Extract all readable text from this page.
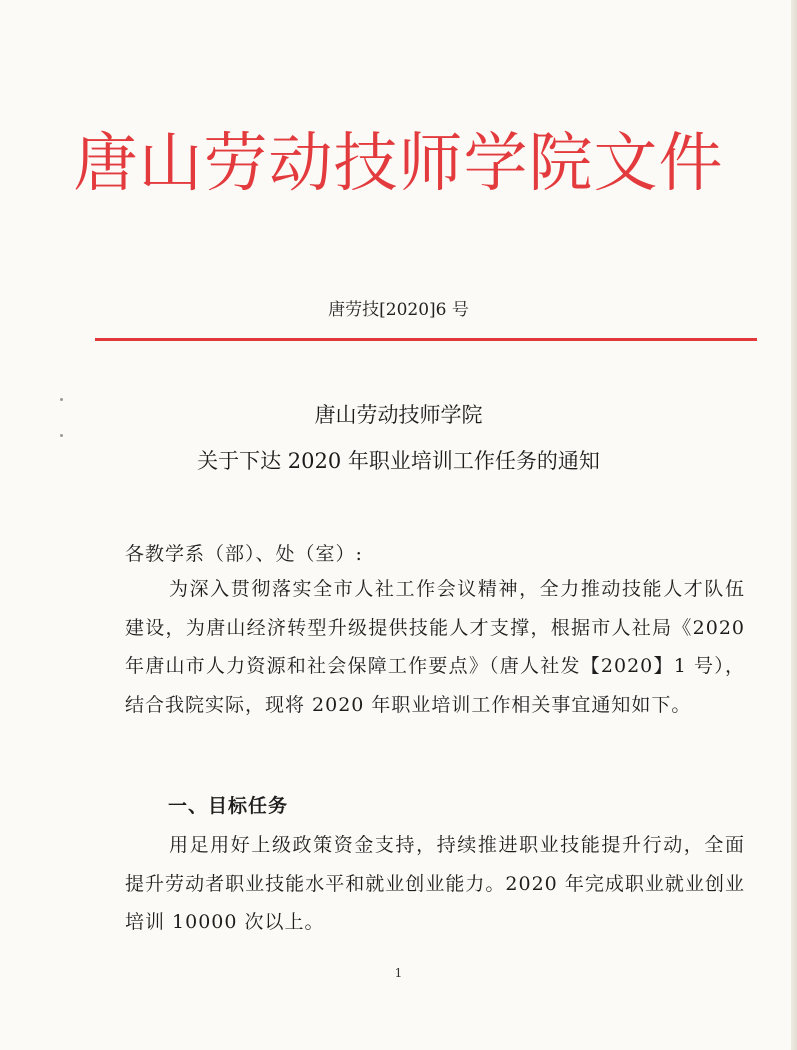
唐山劳动技师学院文件
唐劳技[2020]6 号
唐山劳动技师学院
关于下达 2020 年职业培训工作任务的通知
各教学系（部）、处（室）:
为深入贯彻落实全市人社工作会议精神，全力推动技能人才队伍建设，为唐山经济转型升级提供技能人才支撑，根据市人社局《2020 年唐山市人力资源和社会保障工作要点》（唐人社发【2020】1 号），结合我院实际，现将 2020 年职业培训工作相关事宜通知如下。
一、目标任务
用足用好上级政策资金支持，持续推进职业技能提升行动，全面提升劳动者职业技能水平和就业创业能力。2020 年完成职业就业创业培训 10000 次以上。
1
